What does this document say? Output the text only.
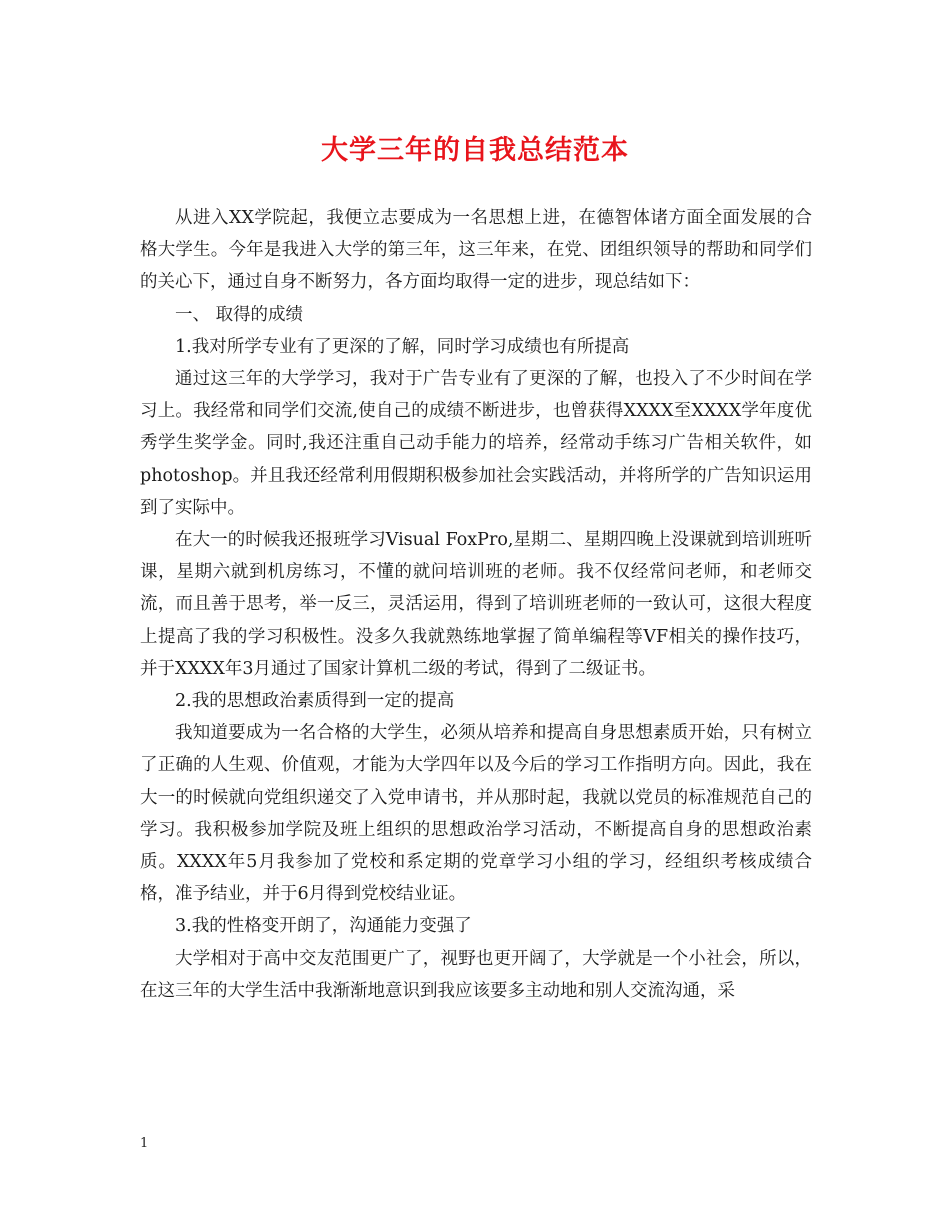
大学三年的自我总结范本

从进入XX学院起，我便立志要成为一名思想上进，在德智体诸方面全面发展的合格大学生。今年是我进入大学的第三年，这三年来，在党、团组织领导的帮助和同学们的关心下，通过自身不断努力，各方面均取得一定的进步，现总结如下：

一、 取得的成绩

1.我对所学专业有了更深的了解，同时学习成绩也有所提高

通过这三年的大学学习，我对于广告专业有了更深的了解，也投入了不少时间在学习上。我经常和同学们交流,使自己的成绩不断进步，也曾获得XXXX至XXXX学年度优秀学生奖学金。同时,我还注重自己动手能力的培养，经常动手练习广告相关软件，如photoshop。并且我还经常利用假期积极参加社会实践活动，并将所学的广告知识运用到了实际中。

在大一的时候我还报班学习Visual FoxPro,星期二、星期四晚上没课就到培训班听课，星期六就到机房练习，不懂的就问培训班的老师。我不仅经常问老师，和老师交流，而且善于思考，举一反三，灵活运用，得到了培训班老师的一致认可，这很大程度上提高了我的学习积极性。没多久我就熟练地掌握了简单编程等VF相关的操作技巧，并于XXXX年3月通过了国家计算机二级的考试，得到了二级证书。

2.我的思想政治素质得到一定的提高

我知道要成为一名合格的大学生，必须从培养和提高自身思想素质开始，只有树立了正确的人生观、价值观，才能为大学四年以及今后的学习工作指明方向。因此，我在大一的时候就向党组织递交了入党申请书，并从那时起，我就以党员的标准规范自己的学习。我积极参加学院及班上组织的思想政治学习活动，不断提高自身的思想政治素质。XXXX年5月我参加了党校和系定期的党章学习小组的学习，经组织考核成绩合格，准予结业，并于6月得到党校结业证。

3.我的性格变开朗了，沟通能力变强了

大学相对于高中交友范围更广了，视野也更开阔了，大学就是一个小社会，所以，在这三年的大学生活中我渐渐地意识到我应该要多主动地和别人交流沟通，采

1
